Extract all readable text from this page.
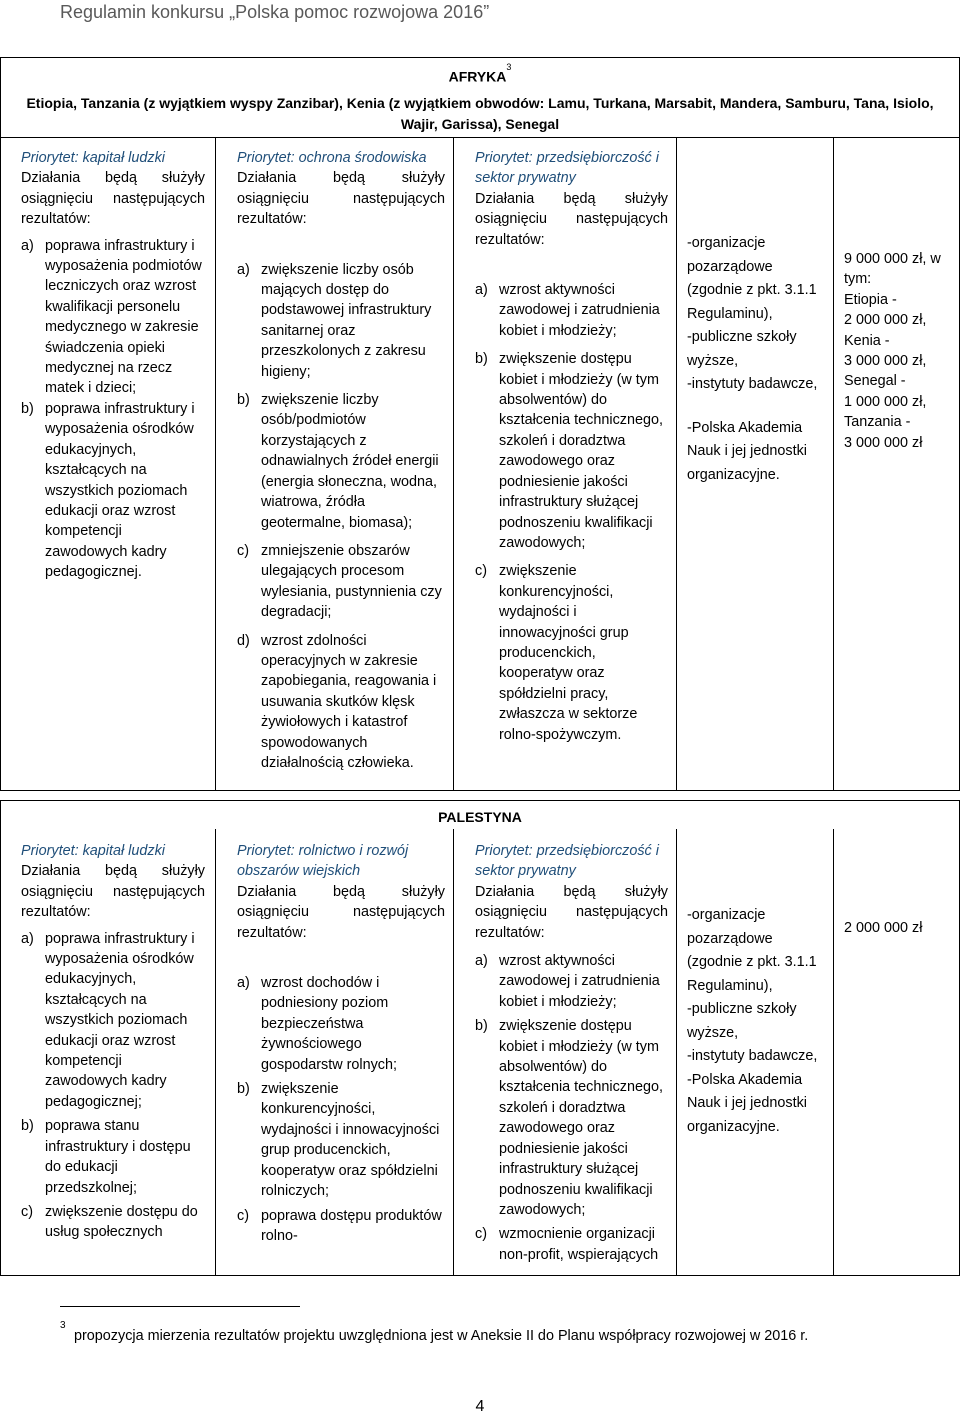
Regulamin konkursu „Polska pomoc rozwojowa 2016”
AFRYKA$^3$
Etiopia, Tanzania (z wyjątkiem wyspy Zanzibar), Kenia (z wyjątkiem obwodów: Lamu, Turkana, Marsabit, Mandera, Samburu, Tana, Isiolo, Wajir, Garissa), Senegal
Priorytet: kapitał ludzki
Działania będą służyły osiągnięciu następujących rezultatów:
a) poprawa infrastruktury i wyposażenia podmiotów leczniczych oraz wzrost kwalifikacji personelu medycznego w zakresie świadczenia opieki medycznej na rzecz matek i dzieci;
b) poprawa infrastruktury i wyposażenia ośrodków edukacyjnych, kształcących na wszystkich poziomach edukacji oraz wzrost kompetencji zawodowych kadry pedagogicznej.
Priorytet: ochrona środowiska
Działania będą służyły osiągnięciu następujących rezultatów:
a) zwiększenie liczby osób mających dostęp do podstawowej infrastruktury sanitarnej oraz przeszkolonych z zakresu higieny;
b) zwiększenie liczby osób/podmiotów korzystających z odnawialnych źródeł energii (energia słoneczna, wodna, wiatrowa, źródła geotermalne, biomasa);
c) zmniejszenie obszarów ulegających procesom wylesiania, pustynnienia czy degradacji;
d) wzrost zdolności operacyjnych w zakresie zapobiegania, reagowania i usuwania skutków klęsk żywiołowych i katastrof spowodowanych działalnością człowieka.
Priorytet: przedsiębiorczość i sektor prywatny
Działania będą służyły osiągnięciu następujących rezultatów:
a) wzrost aktywności zawodowej i zatrudnienia kobiet i młodzieży;
b) zwiększenie dostępu kobiet i młodzieży (w tym absolwentów) do kształcenia technicznego, szkoleń i doradztwa zawodowego oraz podniesienie jakości infrastruktury służącej podnoszeniu kwalifikacji zawodowych;
c) zwiększenie konkurencyjności, wydajności i innowacyjności grup producenckich, kooperatyw oraz spółdzielni pracy, zwłaszcza w sektorze rolno-spożywczym.
-organizacje pozarządowe (zgodnie z pkt. 3.1.1 Regulaminu),
-publiczne szkoły wyższe,
-instytuty badawcze,
-Polska Akademia Nauk i jej jednostki organizacyjne.
9 000 000 zł, w tym:
Etiopia -
2 000 000 zł,
Kenia -
3 000 000 zł,
Senegal -
1 000 000 zł,
Tanzania -
3 000 000 zł
PALESTYNA
Priorytet: kapitał ludzki
Działania będą służyły osiągnięciu następujących rezultatów:
a) poprawa infrastruktury i wyposażenia ośrodków edukacyjnych, kształcących na wszystkich poziomach edukacji oraz wzrost kompetencji zawodowych kadry pedagogicznej;
b) poprawa stanu infrastruktury i dostępu do edukacji przedszkolnej;
c) zwiększenie dostępu do usług społecznych
Priorytet: rolnictwo i rozwój obszarów wiejskich
Działania będą służyły osiągnięciu następujących rezultatów:
a) wzrost dochodów i podniesiony poziom bezpieczeństwa żywnościowego gospodarstw rolnych;
b) zwiększenie konkurencyjności, wydajności i innowacyjności grup producenckich, kooperatyw oraz spółdzielni rolniczych;
c) poprawa dostępu produktów rolno-
Priorytet: przedsiębiorczość i sektor prywatny
Działania będą służyły osiągnięciu następujących rezultatów:
a) wzrost aktywności zawodowej i zatrudnienia kobiet i młodzieży;
b) zwiększenie dostępu kobiet i młodzieży (w tym absolwentów) do kształcenia technicznego, szkoleń i doradztwa zawodowego oraz podniesienie jakości infrastruktury służącej podnoszeniu kwalifikacji zawodowych;
c) wzmocnienie organizacji non-profit, wspierających
-organizacje pozarządowe (zgodnie z pkt. 3.1.1 Regulaminu),
-publiczne szkoły wyższe,
-instytuty badawcze,
-Polska Akademia Nauk i jej jednostki organizacyjne.
2 000 000 zł
3
propozycja mierzenia rezultatów projektu uwzględniona jest w Aneksie II do Planu współpracy rozwojowej w 2016 r.
4
